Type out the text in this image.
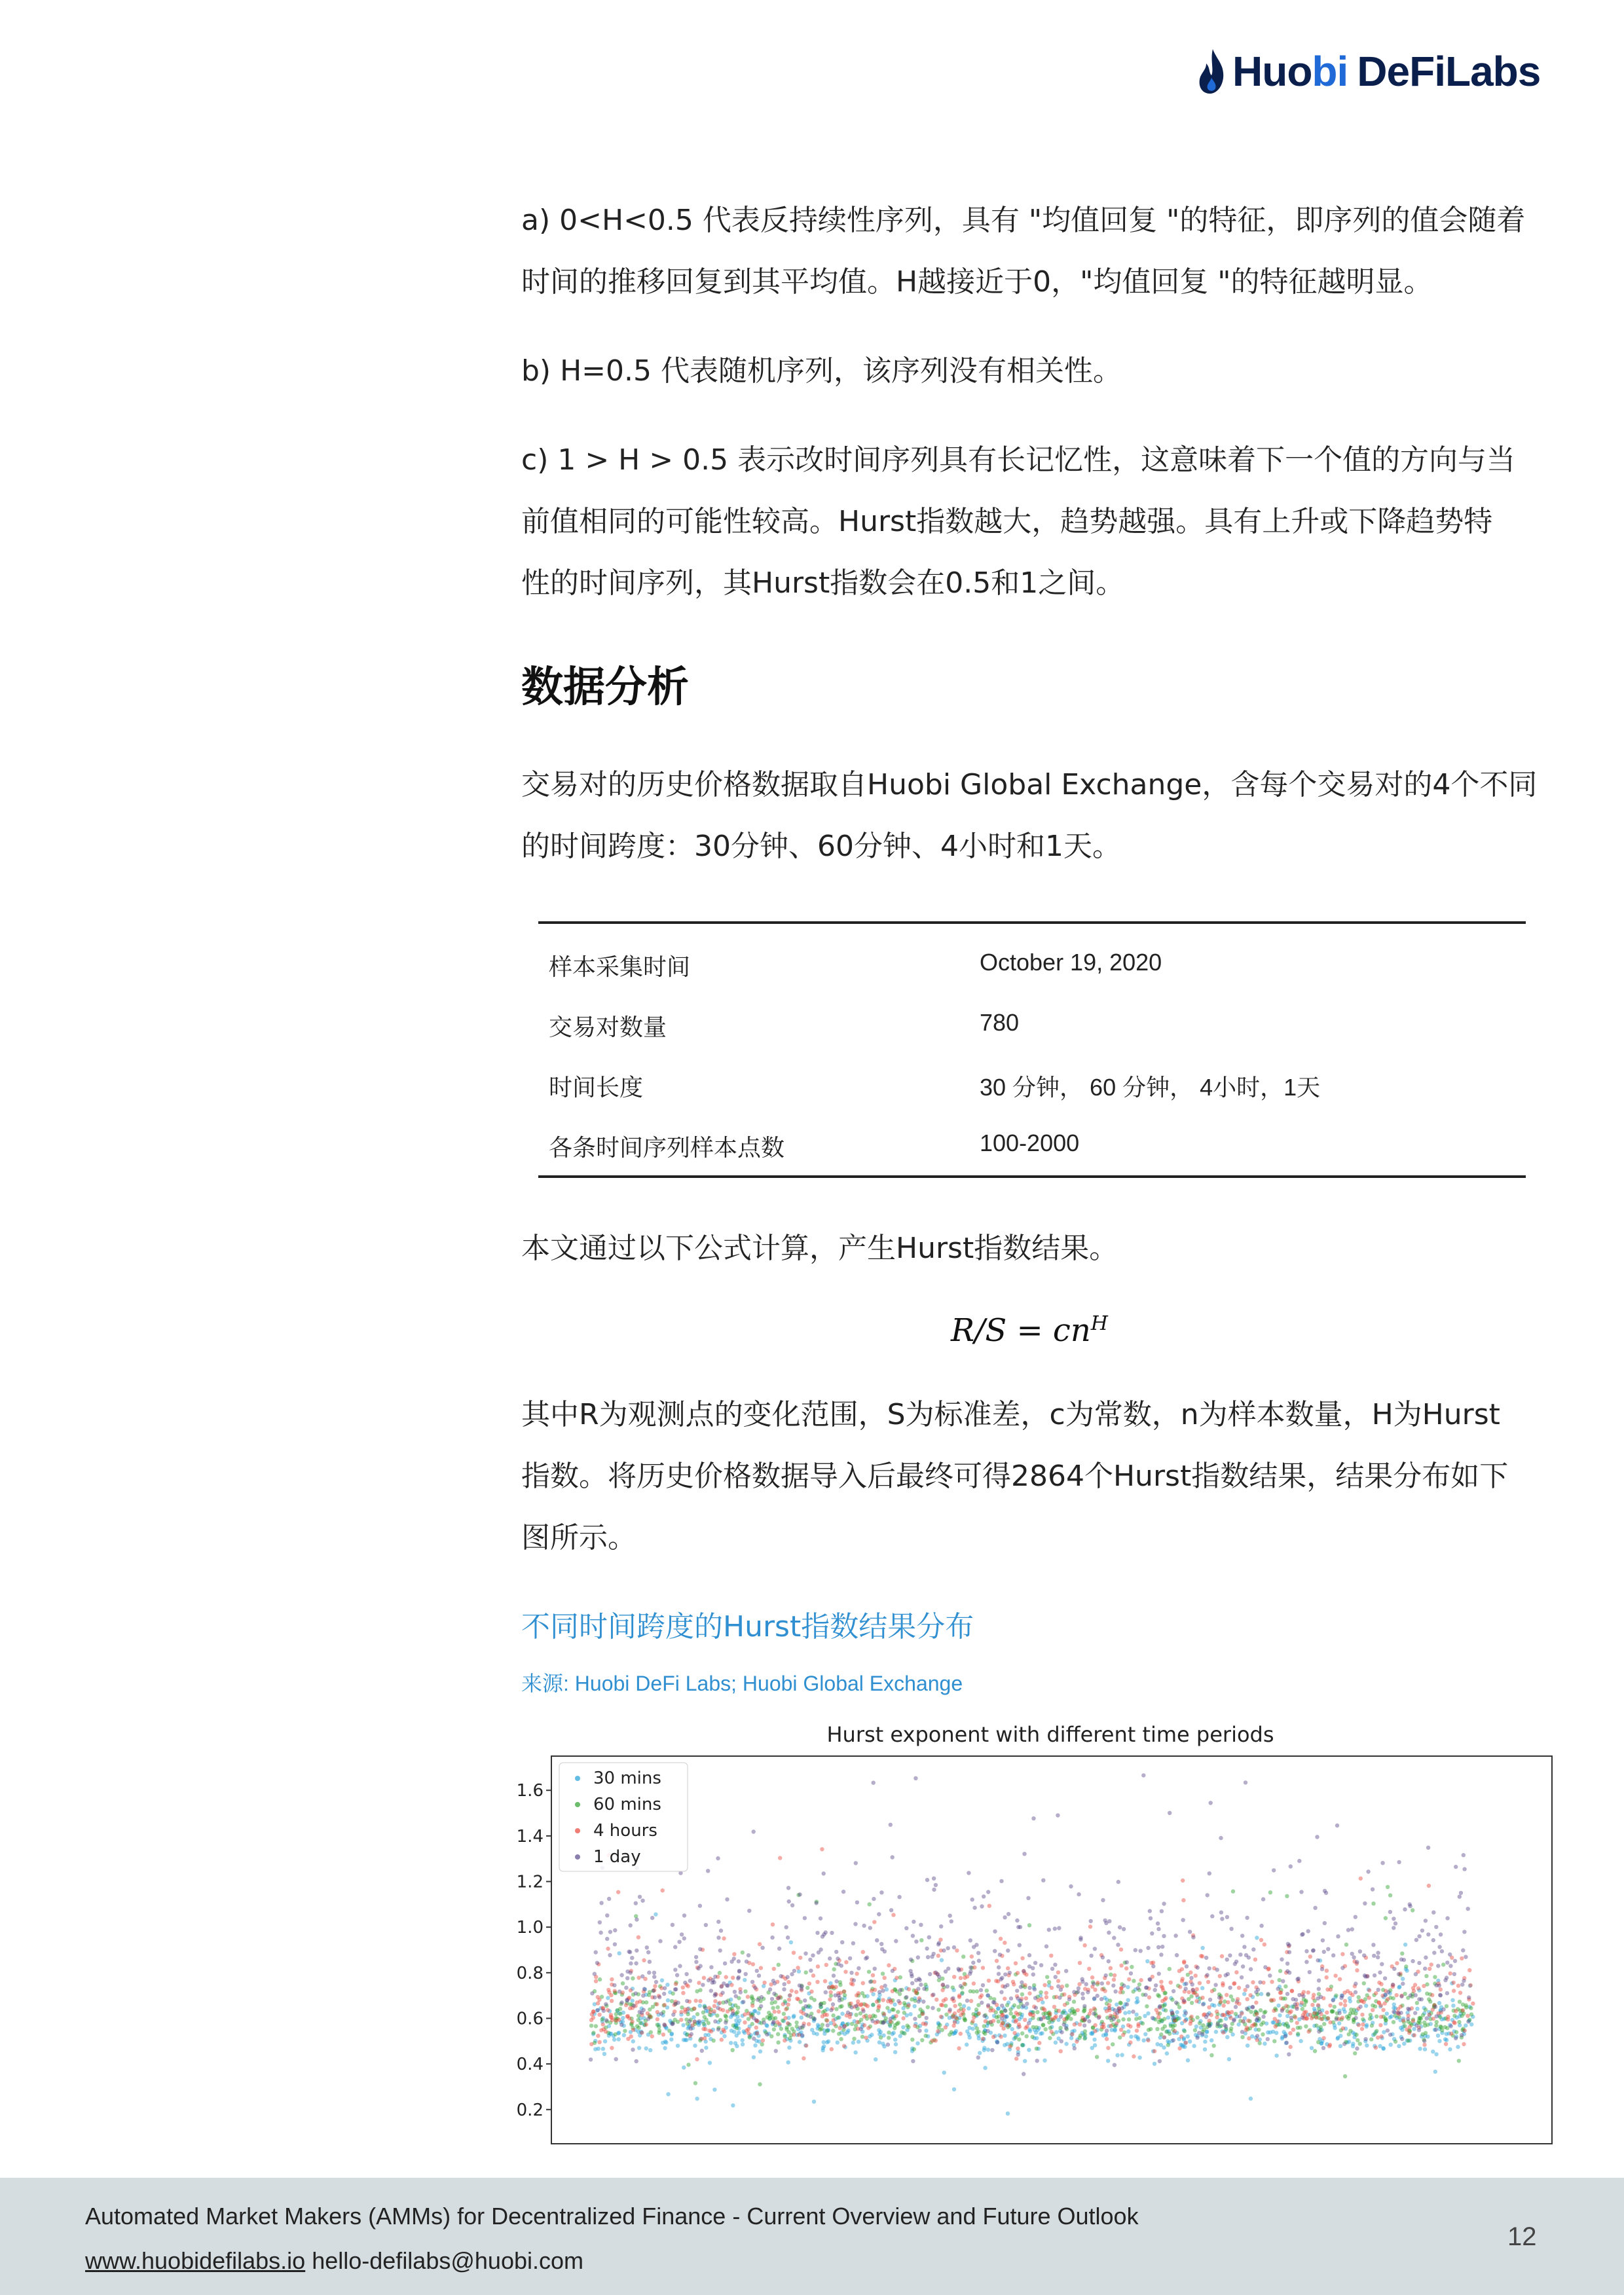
Huobi DeFiLabs

a) 0<H<0.5 代表反持续性序列，具有 "均值回复 "的特征，即序列的值会随着

时间的推移回复到其平均值。H越接近于0，"均值回复 "的特征越明显。

b) H=0.5 代表随机序列，该序列没有相关性。

c) 1 > H > 0.5 表示改时间序列具有长记忆性，这意味着下一个值的方向与当

前值相同的可能性较高。Hurst指数越大，趋势越强。具有上升或下降趋势特

性的时间序列，其Hurst指数会在0.5和1之间。

数据分析

交易对的历史价格数据取自Huobi Global Exchange，含每个交易对的4个不同

的时间跨度：30分钟、60分钟、4小时和1天。

样本采集时间	October 19, 2020
交易对数量	780
时间长度	30 分钟， 60 分钟， 4小时，1天
各条时间序列样本点数	100-2000

本文通过以下公式计算，产生Hurst指数结果。

$R/S = cn^H$

其中R为观测点的变化范围，S为标准差，c为常数，n为样本数量，H为Hurst

指数。将历史价格数据导入后最终可得2864个Hurst指数结果，结果分布如下

图所示。

不同时间跨度的Hurst指数结果分布
来源: Huobi DeFi Labs; Huobi Global Exchange
Hurst exponent with different time periods
0.2
0.4
0.6
0.8
1.0
1.2
1.4
1.6
30 mins
60 mins
4 hours
1 day
Automated Market Makers (AMMs) for Decentralized Finance - Current Overview and Future Outlook
www.huobidefilabs.io hello-defilabs@huobi.com
12
